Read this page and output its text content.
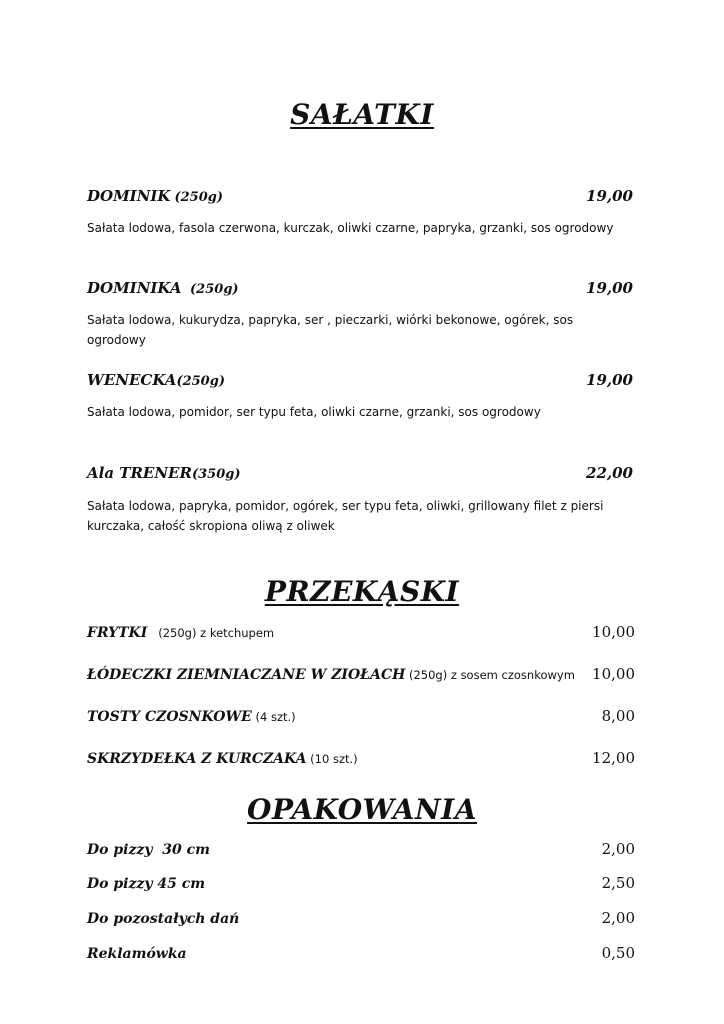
SAŁATKI
DOMINIK (250g)	19,00
Sałata lodowa, fasola czerwona, kurczak, oliwki czarne, papryka, grzanki, sos ogrodowy
DOMINIKA  (250g)	19,00
Sałata lodowa, kukurydza, papryka, ser , pieczarki, wiórki bekonowe, ogórek, sos ogrodowy
WENECKA(250g)	19,00
Sałata lodowa, pomidor, ser typu feta, oliwki czarne, grzanki, sos ogrodowy
Ala TRENER(350g)	22,00
Sałata lodowa, papryka, pomidor, ogórek, ser typu feta, oliwki, grillowany filet z piersi kurczaka, całość skropiona oliwą z oliwek
PRZEKĄSKI
FRYTKI   (250g) z ketchupem	10,00
ŁÓDECZKI ZIEMNIACZANE W ZIOŁACH (250g) z sosem czosnkowym 10,00
TOSTY CZOSNKOWE (4 szt.)	8,00
SKRZYDEŁKA Z KURCZAKA (10 szt.)	12,00
OPAKOWANIA
Do pizzy  30 cm	2,00
Do pizzy 45 cm	2,50
Do pozostałych dań	2,00
Reklamówka	0,50
